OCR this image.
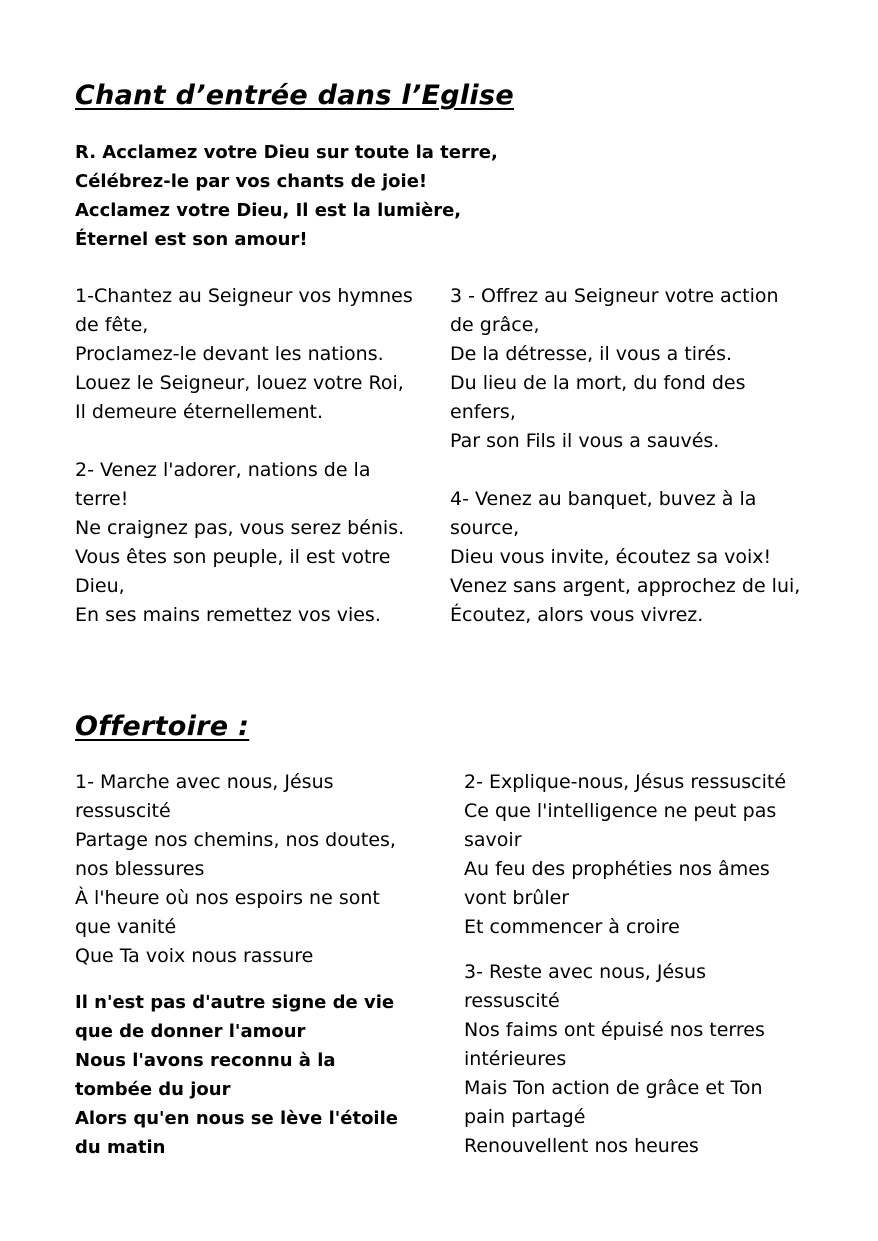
Chant d’entrée dans l’Eglise
R. Acclamez votre Dieu sur toute la terre,
Célébrez-le par vos chants de joie!
Acclamez votre Dieu, Il est la lumière,
Éternel est son amour!
1-Chantez au Seigneur vos hymnes
de fête,
Proclamez-le devant les nations.
Louez le Seigneur, louez votre Roi,
Il demeure éternellement.
2- Venez l'adorer, nations de la
terre!
Ne craignez pas, vous serez bénis.
Vous êtes son peuple, il est votre
Dieu,
En ses mains remettez vos vies.
3 - Offrez au Seigneur votre action
de grâce,
De la détresse, il vous a tirés.
Du lieu de la mort, du fond des
enfers,
Par son Fils il vous a sauvés.
4- Venez au banquet, buvez à la
source,
Dieu vous invite, écoutez sa voix!
Venez sans argent, approchez de lui,
Écoutez, alors vous vivrez.
Offertoire :
1- Marche avec nous, Jésus
ressuscité
Partage nos chemins, nos doutes,
nos blessures
À l'heure où nos espoirs ne sont
que vanité
Que Ta voix nous rassure
Il n'est pas d'autre signe de vie
que de donner l'amour
Nous l'avons reconnu à la
tombée du jour
Alors qu'en nous se lève l'étoile
du matin
2- Explique-nous, Jésus ressuscité
Ce que l'intelligence ne peut pas
savoir
Au feu des prophéties nos âmes
vont brûler
Et commencer à croire
3- Reste avec nous, Jésus
ressuscité
Nos faims ont épuisé nos terres
intérieures
Mais Ton action de grâce et Ton
pain partagé
Renouvellent nos heures
